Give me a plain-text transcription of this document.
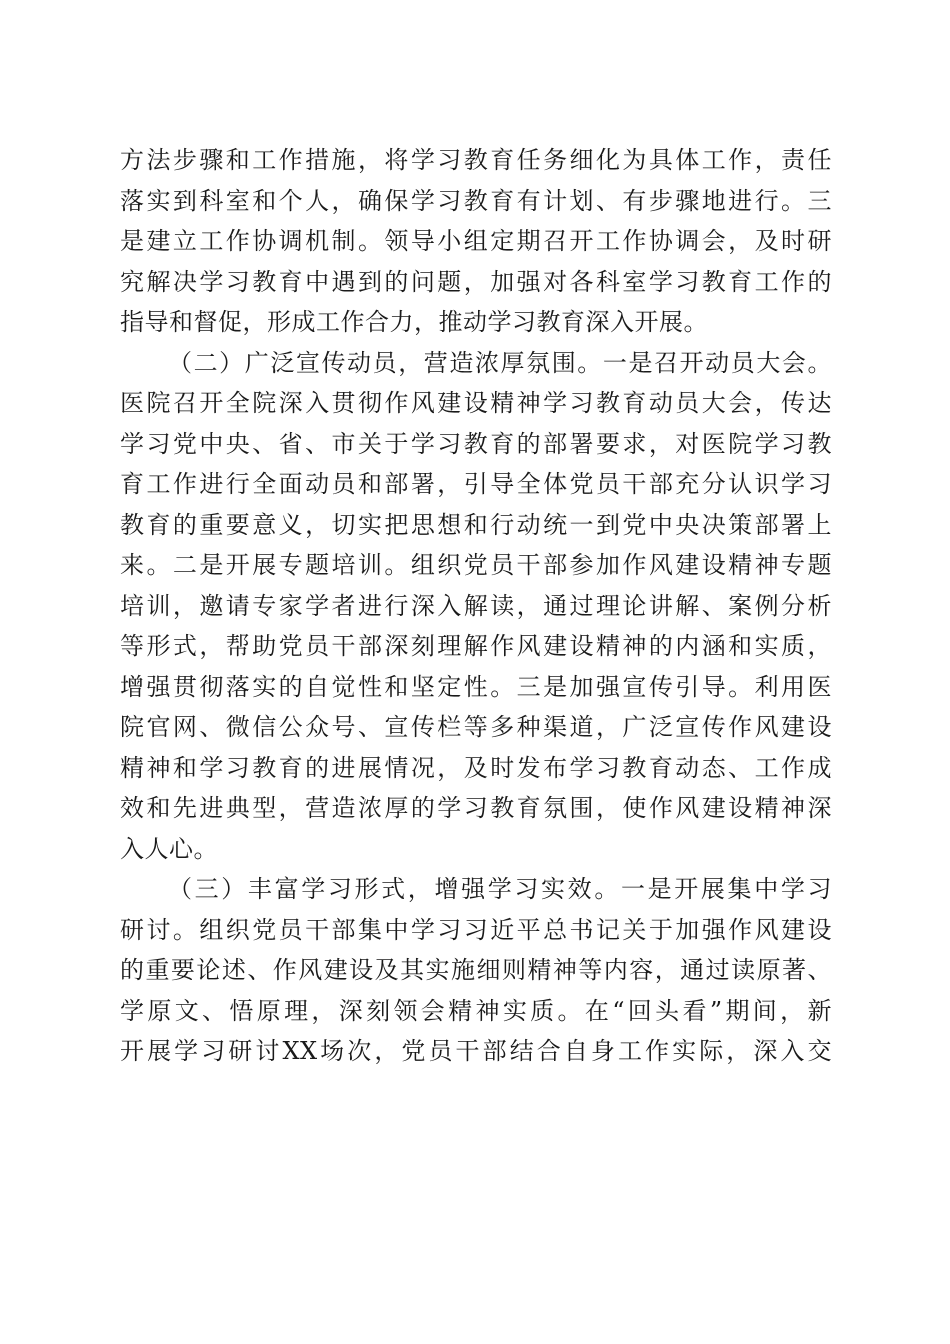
方法步骤和工作措施，将学习教育任务细化为具体工作，责任
落实到科室和个人，确保学习教育有计划、有步骤地进行。三
是建立工作协调机制。领导小组定期召开工作协调会，及时研
究解决学习教育中遇到的问题，加强对各科室学习教育工作的
指导和督促，形成工作合力，推动学习教育深入开展。
（二）广泛宣传动员，营造浓厚氛围。一是召开动员大会。
医院召开全院深入贯彻作风建设精神学习教育动员大会，传达
学习党中央、省、市关于学习教育的部署要求，对医院学习教
育工作进行全面动员和部署，引导全体党员干部充分认识学习
教育的重要意义，切实把思想和行动统一到党中央决策部署上
来。二是开展专题培训。组织党员干部参加作风建设精神专题
培训，邀请专家学者进行深入解读，通过理论讲解、案例分析
等形式，帮助党员干部深刻理解作风建设精神的内涵和实质，
增强贯彻落实的自觉性和坚定性。三是加强宣传引导。利用医
院官网、微信公众号、宣传栏等多种渠道，广泛宣传作风建设
精神和学习教育的进展情况，及时发布学习教育动态、工作成
效和先进典型，营造浓厚的学习教育氛围，使作风建设精神深
入人心。
（三）丰富学习形式，增强学习实效。一是开展集中学习
研讨。组织党员干部集中学习习近平总书记关于加强作风建设
的重要论述、作风建设及其实施细则精神等内容，通过读原著、
学原文、悟原理，深刻领会精神实质。在“回头看”期间，新
开展学习研讨XX场次，党员干部结合自身工作实际，深入交
